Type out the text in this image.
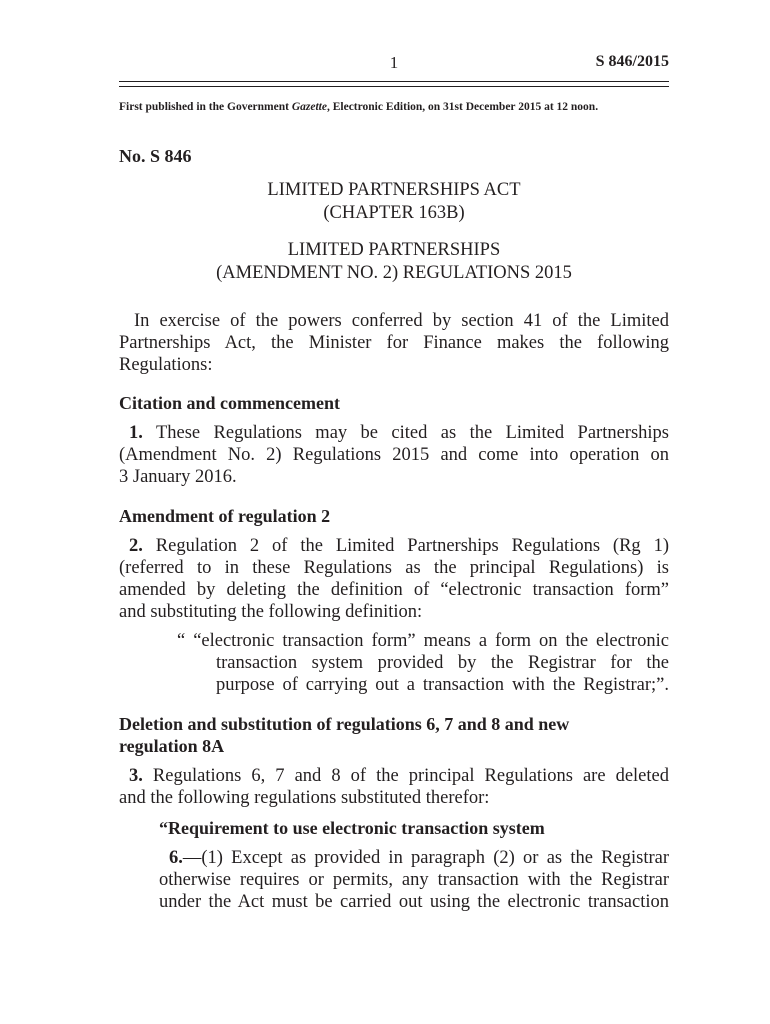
1	S 846/2015
First published in the Government Gazette, Electronic Edition, on 31st December 2015 at 12 noon.
No. S 846
LIMITED PARTNERSHIPS ACT
(CHAPTER 163B)
LIMITED PARTNERSHIPS
(AMENDMENT NO. 2) REGULATIONS 2015
In exercise of the powers conferred by section 41 of the Limited
Partnerships Act, the Minister for Finance makes the following
Regulations:
Citation and commencement
1. These Regulations may be cited as the Limited Partnerships
(Amendment No. 2) Regulations 2015 and come into operation on
3 January 2016.
Amendment of regulation 2
2. Regulation 2 of the Limited Partnerships Regulations (Rg 1)
(referred to in these Regulations as the principal Regulations) is
amended by deleting the definition of “electronic transaction form”
and substituting the following definition:
“ “electronic transaction form” means a form on the electronic
transaction system provided by the Registrar for the
purpose of carrying out a transaction with the Registrar;”.
Deletion and substitution of regulations 6, 7 and 8 and new
regulation 8A
3. Regulations 6, 7 and 8 of the principal Regulations are deleted
and the following regulations substituted therefor:
“Requirement to use electronic transaction system
6.—(1) Except as provided in paragraph (2) or as the Registrar
otherwise requires or permits, any transaction with the Registrar
under the Act must be carried out using the electronic transaction
